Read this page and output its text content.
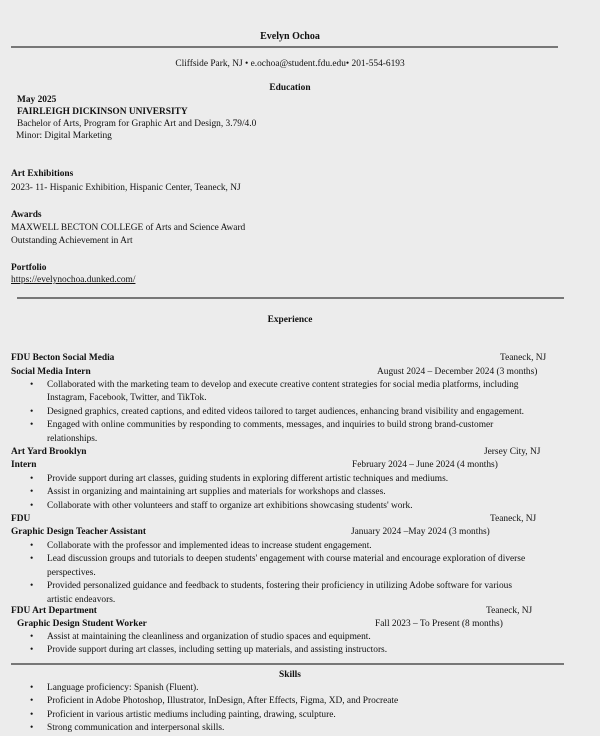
Evelyn Ochoa
Cliffside Park, NJ • e.ochoa@student.fdu.edu• 201-554-6193
Education
May 2025
FAIRLEIGH DICKINSON UNIVERSITY
Bachelor of Arts, Program for Graphic Art and Design, 3.79/4.0
Minor: Digital Marketing
Art Exhibitions
2023- 11- Hispanic Exhibition, Hispanic Center, Teaneck, NJ
Awards
MAXWELL BECTON COLLEGE of Arts and Science Award
Outstanding Achievement in Art
Portfolio
https://evelynochoa.dunked.com/
Experience
FDU Becton Social Media	Teaneck, NJ
Social Media Intern	August 2024 – December 2024 (3 months)
• Collaborated with the marketing team to develop and execute creative content strategies for social media platforms, including
Instagram, Facebook, Twitter, and TikTok.
• Designed graphics, created captions, and edited videos tailored to target audiences, enhancing brand visibility and engagement.
• Engaged with online communities by responding to comments, messages, and inquiries to build strong brand-customer
relationships.
Art Yard Brooklyn	Jersey City, NJ
Intern	February 2024 – June 2024 (4 months)
• Provide support during art classes, guiding students in exploring different artistic techniques and mediums.
• Assist in organizing and maintaining art supplies and materials for workshops and classes.
• Collaborate with other volunteers and staff to organize art exhibitions showcasing students' work.
FDU	Teaneck, NJ
Graphic Design Teacher Assistant	January 2024 –May 2024 (3 months)
• Collaborate with the professor and implemented ideas to increase student engagement.
• Lead discussion groups and tutorials to deepen students' engagement with course material and encourage exploration of diverse
perspectives.
• Provided personalized guidance and feedback to students, fostering their proficiency in utilizing Adobe software for various
artistic endeavors.
FDU Art Department	Teaneck, NJ
Graphic Design Student Worker	Fall 2023 – To Present (8 months)
• Assist at maintaining the cleanliness and organization of studio spaces and equipment.
• Provide support during art classes, including setting up materials, and assisting instructors.
Skills
• Language proficiency: Spanish (Fluent).
• Proficient in Adobe Photoshop, Illustrator, InDesign, After Effects, Figma, XD, and Procreate
• Proficient in various artistic mediums including painting, drawing, sculpture.
• Strong communication and interpersonal skills.
